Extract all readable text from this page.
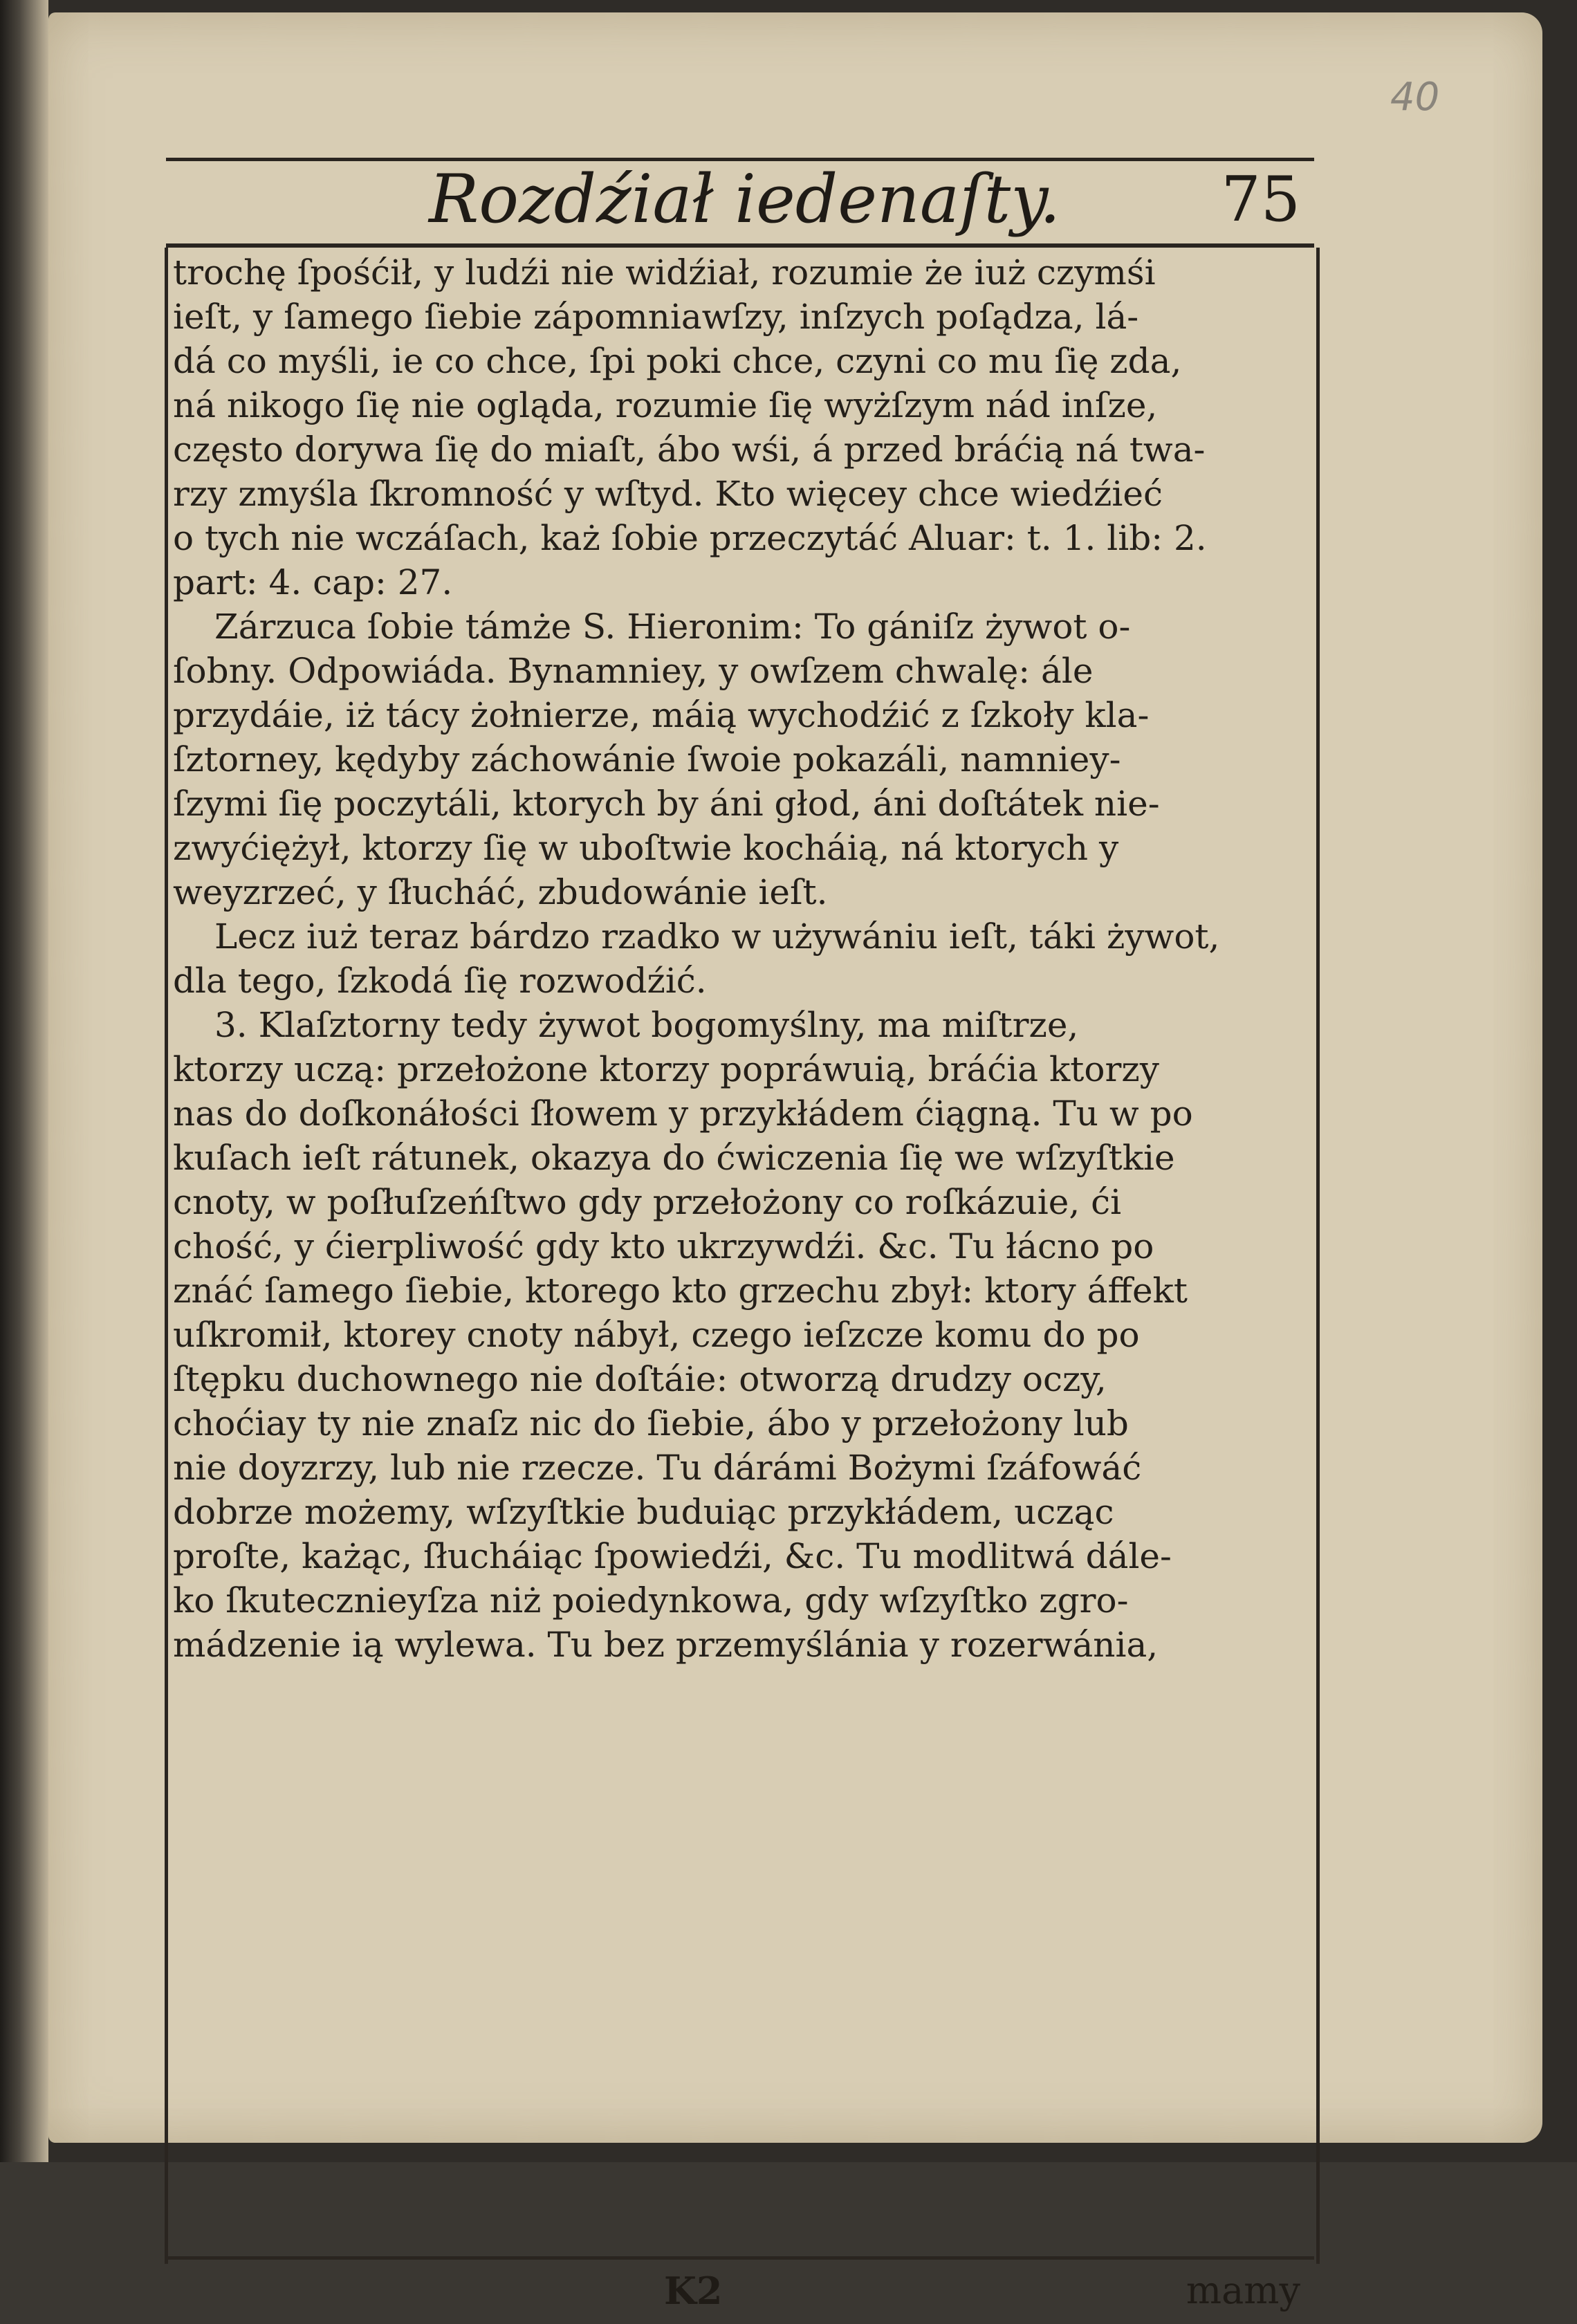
40
Rozdźiał iedenaſty.	75
trochę ſpośćił, y ludźi nie widźiał, rozumie że iuż czymśi
ieſt, y ſamego ſiebie zápomniawſzy, inſzych poſądza, lá-
dá co myśli, ie co chce, ſpi poki chce, czyni co mu ſię zda,
ná nikogo ſię nie ogląda, rozumie ſię wyżſzym nád inſze,
często dorywa ſię do miaſt, ábo wśi, á przed bráćią ná twa-
rzy zmyśla ſkromność y wſtyd. Kto więcey chce wiedźieć
o tych nie wczáſach, każ ſobie przeczytáć Aluar: t. 1. lib: 2.
part: 4. cap: 27.
Zárzuca ſobie támże S. Hieronim: To gániſz żywot o-
ſobny. Odpowiáda. Bynamniey, y owſzem chwalę: ále
przydáie, iż tácy żołnierze, máią wychodźić z ſzkoły kla-
ſztorney, kędyby záchowánie ſwoie pokazáli, namniey-
ſzymi ſię poczytáli, ktorych by áni głod, áni doſtátek nie-
zwyćiężył, ktorzy ſię w uboſtwie kocháią, ná ktorych y
weyzrzeć, y ſłucháć, zbudowánie ieſt.
Lecz iuż teraz bárdzo rzadko w używániu ieſt, táki żywot,
dla tego, ſzkodá ſię rozwodźić.
3. Klaſztorny tedy żywot bogomyślny, ma miſtrze,
ktorzy uczą: przełożone ktorzy popráwuią, bráćia ktorzy
nas do doſkonáłości ſłowem y przykłádem ćiągną. Tu w po
kuſach ieſt rátunek, okazya do ćwiczenia ſię we wſzyſtkie
cnoty, w poſłuſzeńſtwo gdy przełożony co roſkázuie, ći
chość, y ćierpliwość gdy kto ukrzywdźi. &c. Tu łácno po
znáć ſamego ſiebie, ktorego kto grzechu zbył: ktory áffekt
uſkromił, ktorey cnoty nábył, czego ieſzcze komu do po
ſtępku duchownego nie doſtáie: otworzą drudzy oczy,
choćiay ty nie znaſz nic do ſiebie, ábo y przełożony lub
nie doyzrzy, lub nie rzecze. Tu dárámi Bożymi ſzáfowáć
dobrze możemy, wſzyſtkie buduiąc przykłádem, ucząc
proſte, każąc, ſłucháiąc ſpowiedźi, &c. Tu modlitwá dále-
ko ſkutecznieyſza niż poiedynkowa, gdy wſzyſtko zgro-
mádzenie ią wylewa. Tu bez przemyślánia y rozerwánia,
K2	mamy
